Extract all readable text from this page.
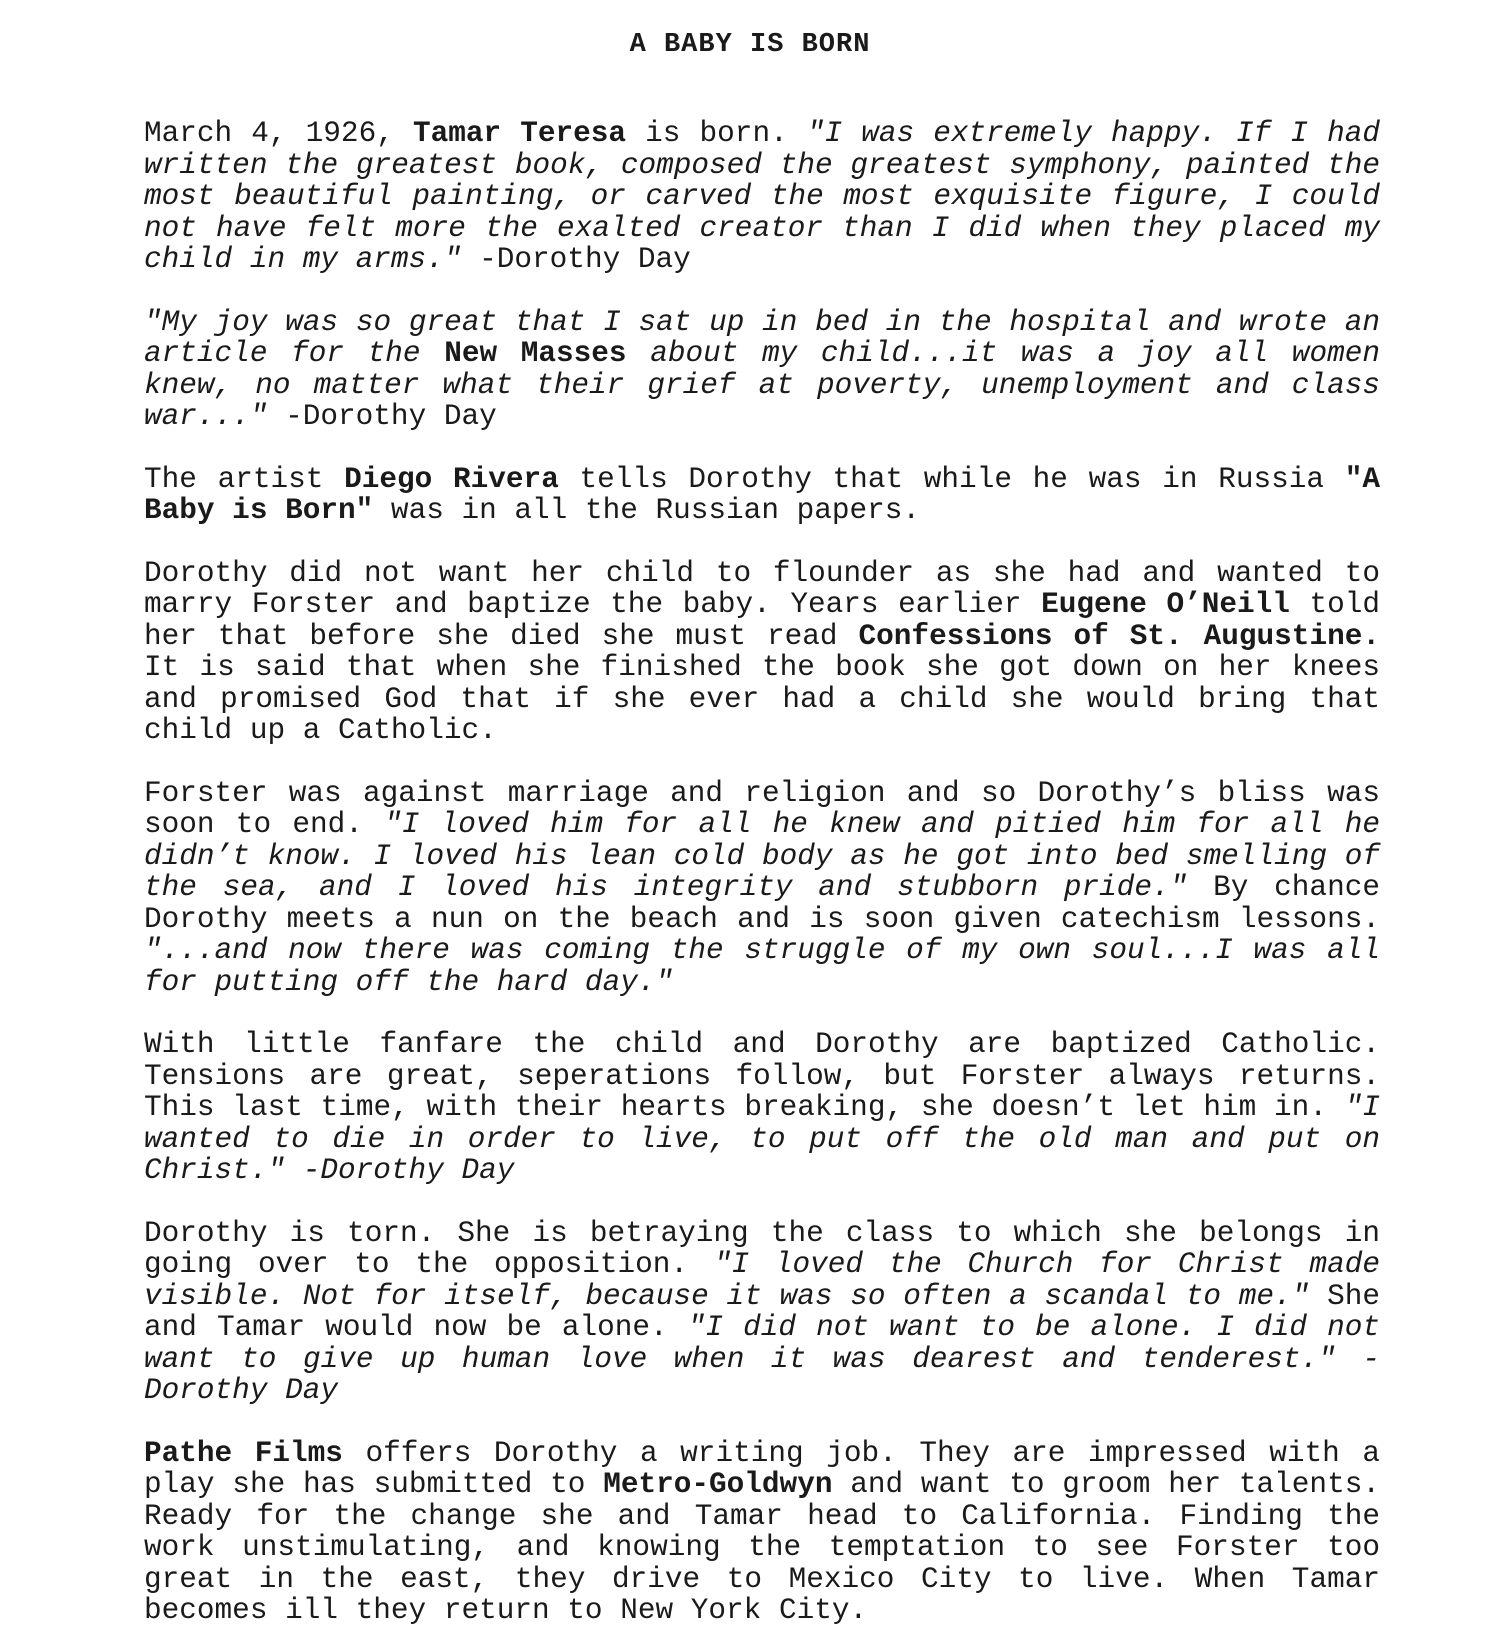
A BABY IS BORN

March 4, 1926, Tamar Teresa is born. "I was extremely happy. If I had written the greatest book, composed the greatest symphony, painted the most beautiful painting, or carved the most exquisite figure, I could not have felt more the exalted creator than I did when they placed my child in my arms." -Dorothy Day

"My joy was so great that I sat up in bed in the hospital and wrote an article for the New Masses about my child...it was a joy all women knew, no matter what their grief at poverty, unemployment and class war..." -Dorothy Day

The artist Diego Rivera tells Dorothy that while he was in Russia "A Baby is Born" was in all the Russian papers.

Dorothy did not want her child to flounder as she had and wanted to marry Forster and baptize the baby. Years earlier Eugene O’Neill told her that before she died she must read Confessions of St. Augustine. It is said that when she finished the book she got down on her knees and promised God that if she ever had a child she would bring that child up a Catholic.

Forster was against marriage and religion and so Dorothy’s bliss was soon to end. "I loved him for all he knew and pitied him for all he didn’t know. I loved his lean cold body as he got into bed smelling of the sea, and I loved his integrity and stubborn pride." By chance Dorothy meets a nun on the beach and is soon given catechism lessons. "...and now there was coming the struggle of my own soul...I was all for putting off the hard day."

With little fanfare the child and Dorothy are baptized Catholic. Tensions are great, seperations follow, but Forster always returns. This last time, with their hearts breaking, she doesn’t let him in. "I wanted to die in order to live, to put off the old man and put on Christ." -Dorothy Day

Dorothy is torn. She is betraying the class to which she belongs in going over to the opposition. "I loved the Church for Christ made visible. Not for itself, because it was so often a scandal to me." She and Tamar would now be alone. "I did not want to be alone. I did not want to give up human love when it was dearest and tenderest." -Dorothy Day

Pathe Films offers Dorothy a writing job. They are impressed with a play she has submitted to Metro-Goldwyn and want to groom her talents. Ready for the change she and Tamar head to California. Finding the work unstimulating, and knowing the temptation to see Forster too great in the east, they drive to Mexico City to live. When Tamar becomes ill they return to New York City.
